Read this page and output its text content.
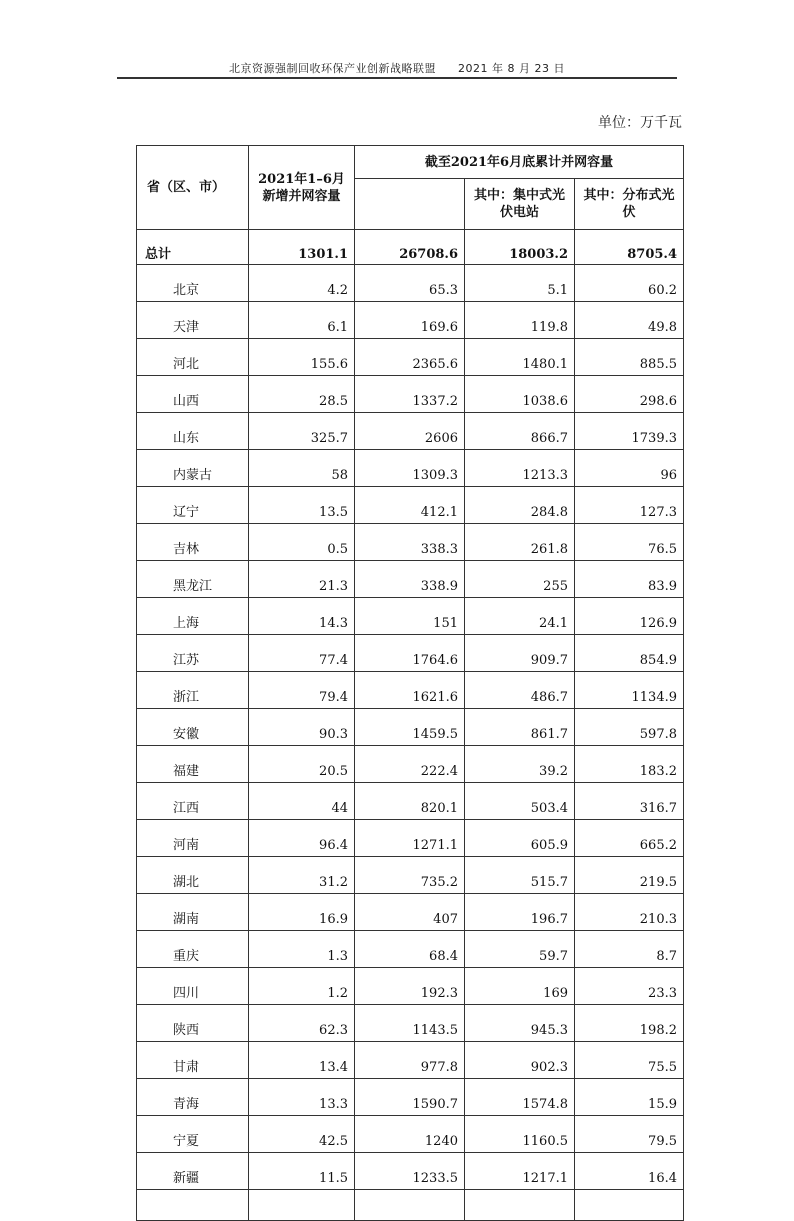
北京资源强制回收环保产业创新战略联盟 2021 年 8 月 23 日
单位：万千瓦
省（区、市）	2021年1–6月新增并网容量	截至2021年6月底累计并网容量		
			其中：集中式光伏电站	其中：分布式光伏
总计	1301.1	26708.6	18003.2	8705.4
北京	4.2	65.3	5.1	60.2
天津	6.1	169.6	119.8	49.8
河北	155.6	2365.6	1480.1	885.5
山西	28.5	1337.2	1038.6	298.6
山东	325.7	2606	866.7	1739.3
内蒙古	58	1309.3	1213.3	96
辽宁	13.5	412.1	284.8	127.3
吉林	0.5	338.3	261.8	76.5
黑龙江	21.3	338.9	255	83.9
上海	14.3	151	24.1	126.9
江苏	77.4	1764.6	909.7	854.9
浙江	79.4	1621.6	486.7	1134.9
安徽	90.3	1459.5	861.7	597.8
福建	20.5	222.4	39.2	183.2
江西	44	820.1	503.4	316.7
河南	96.4	1271.1	605.9	665.2
湖北	31.2	735.2	515.7	219.5
湖南	16.9	407	196.7	210.3
重庆	1.3	68.4	59.7	8.7
四川	1.2	192.3	169	23.3
陕西	62.3	1143.5	945.3	198.2
甘肃	13.4	977.8	902.3	75.5
青海	13.3	1590.7	1574.8	15.9
宁夏	42.5	1240	1160.5	79.5
新疆	11.5	1233.5	1217.1	16.4
